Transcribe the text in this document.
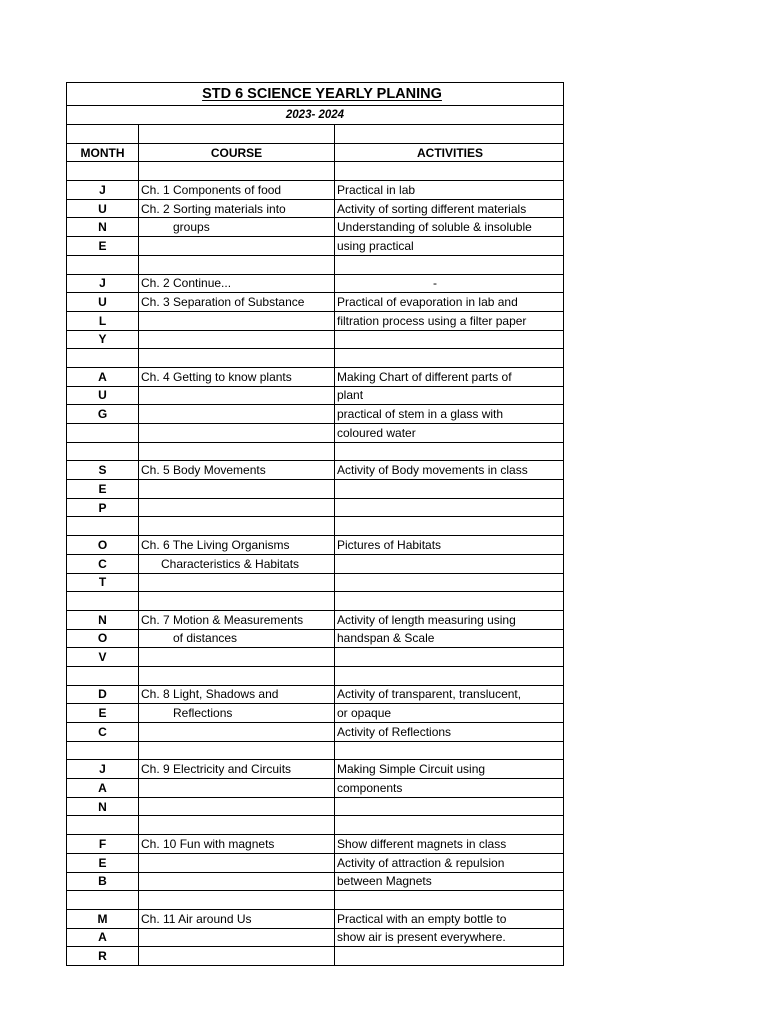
STD 6 SCIENCE YEARLY PLANING
2023- 2024

MONTH	COURSE	ACTIVITIES

J	Ch. 1 Components of food	Practical in lab
U	Ch. 2 Sorting materials into	Activity of sorting different materials
N	groups	Understanding of soluble & insoluble
E		using practical

J	Ch. 2 Continue...	-
U	Ch. 3 Separation of Substance	Practical of evaporation in lab and
L		filtration process using a filter paper
Y		

A	Ch. 4 Getting to know plants	Making Chart of different parts of
U		plant
G		practical of stem in a glass with
		coloured water

S	Ch. 5 Body Movements	Activity of Body movements in class
E		
P		

O	Ch. 6 The Living Organisms	Pictures of Habitats
C	Characteristics & Habitats	
T		

N	Ch. 7 Motion & Measurements	Activity of length measuring using
O	of distances	handspan & Scale
V		

D	Ch. 8 Light, Shadows and	Activity of transparent, translucent,
E	Reflections	or opaque
C		Activity of Reflections

J	Ch. 9 Electricity and Circuits	Making Simple Circuit using
A		components
N		

F	Ch. 10 Fun with magnets	Show different magnets in class
E		Activity of attraction & repulsion
B		between Magnets

M	Ch. 11 Air around Us	Practical with an empty bottle to
A		show air is present everywhere.
R		
